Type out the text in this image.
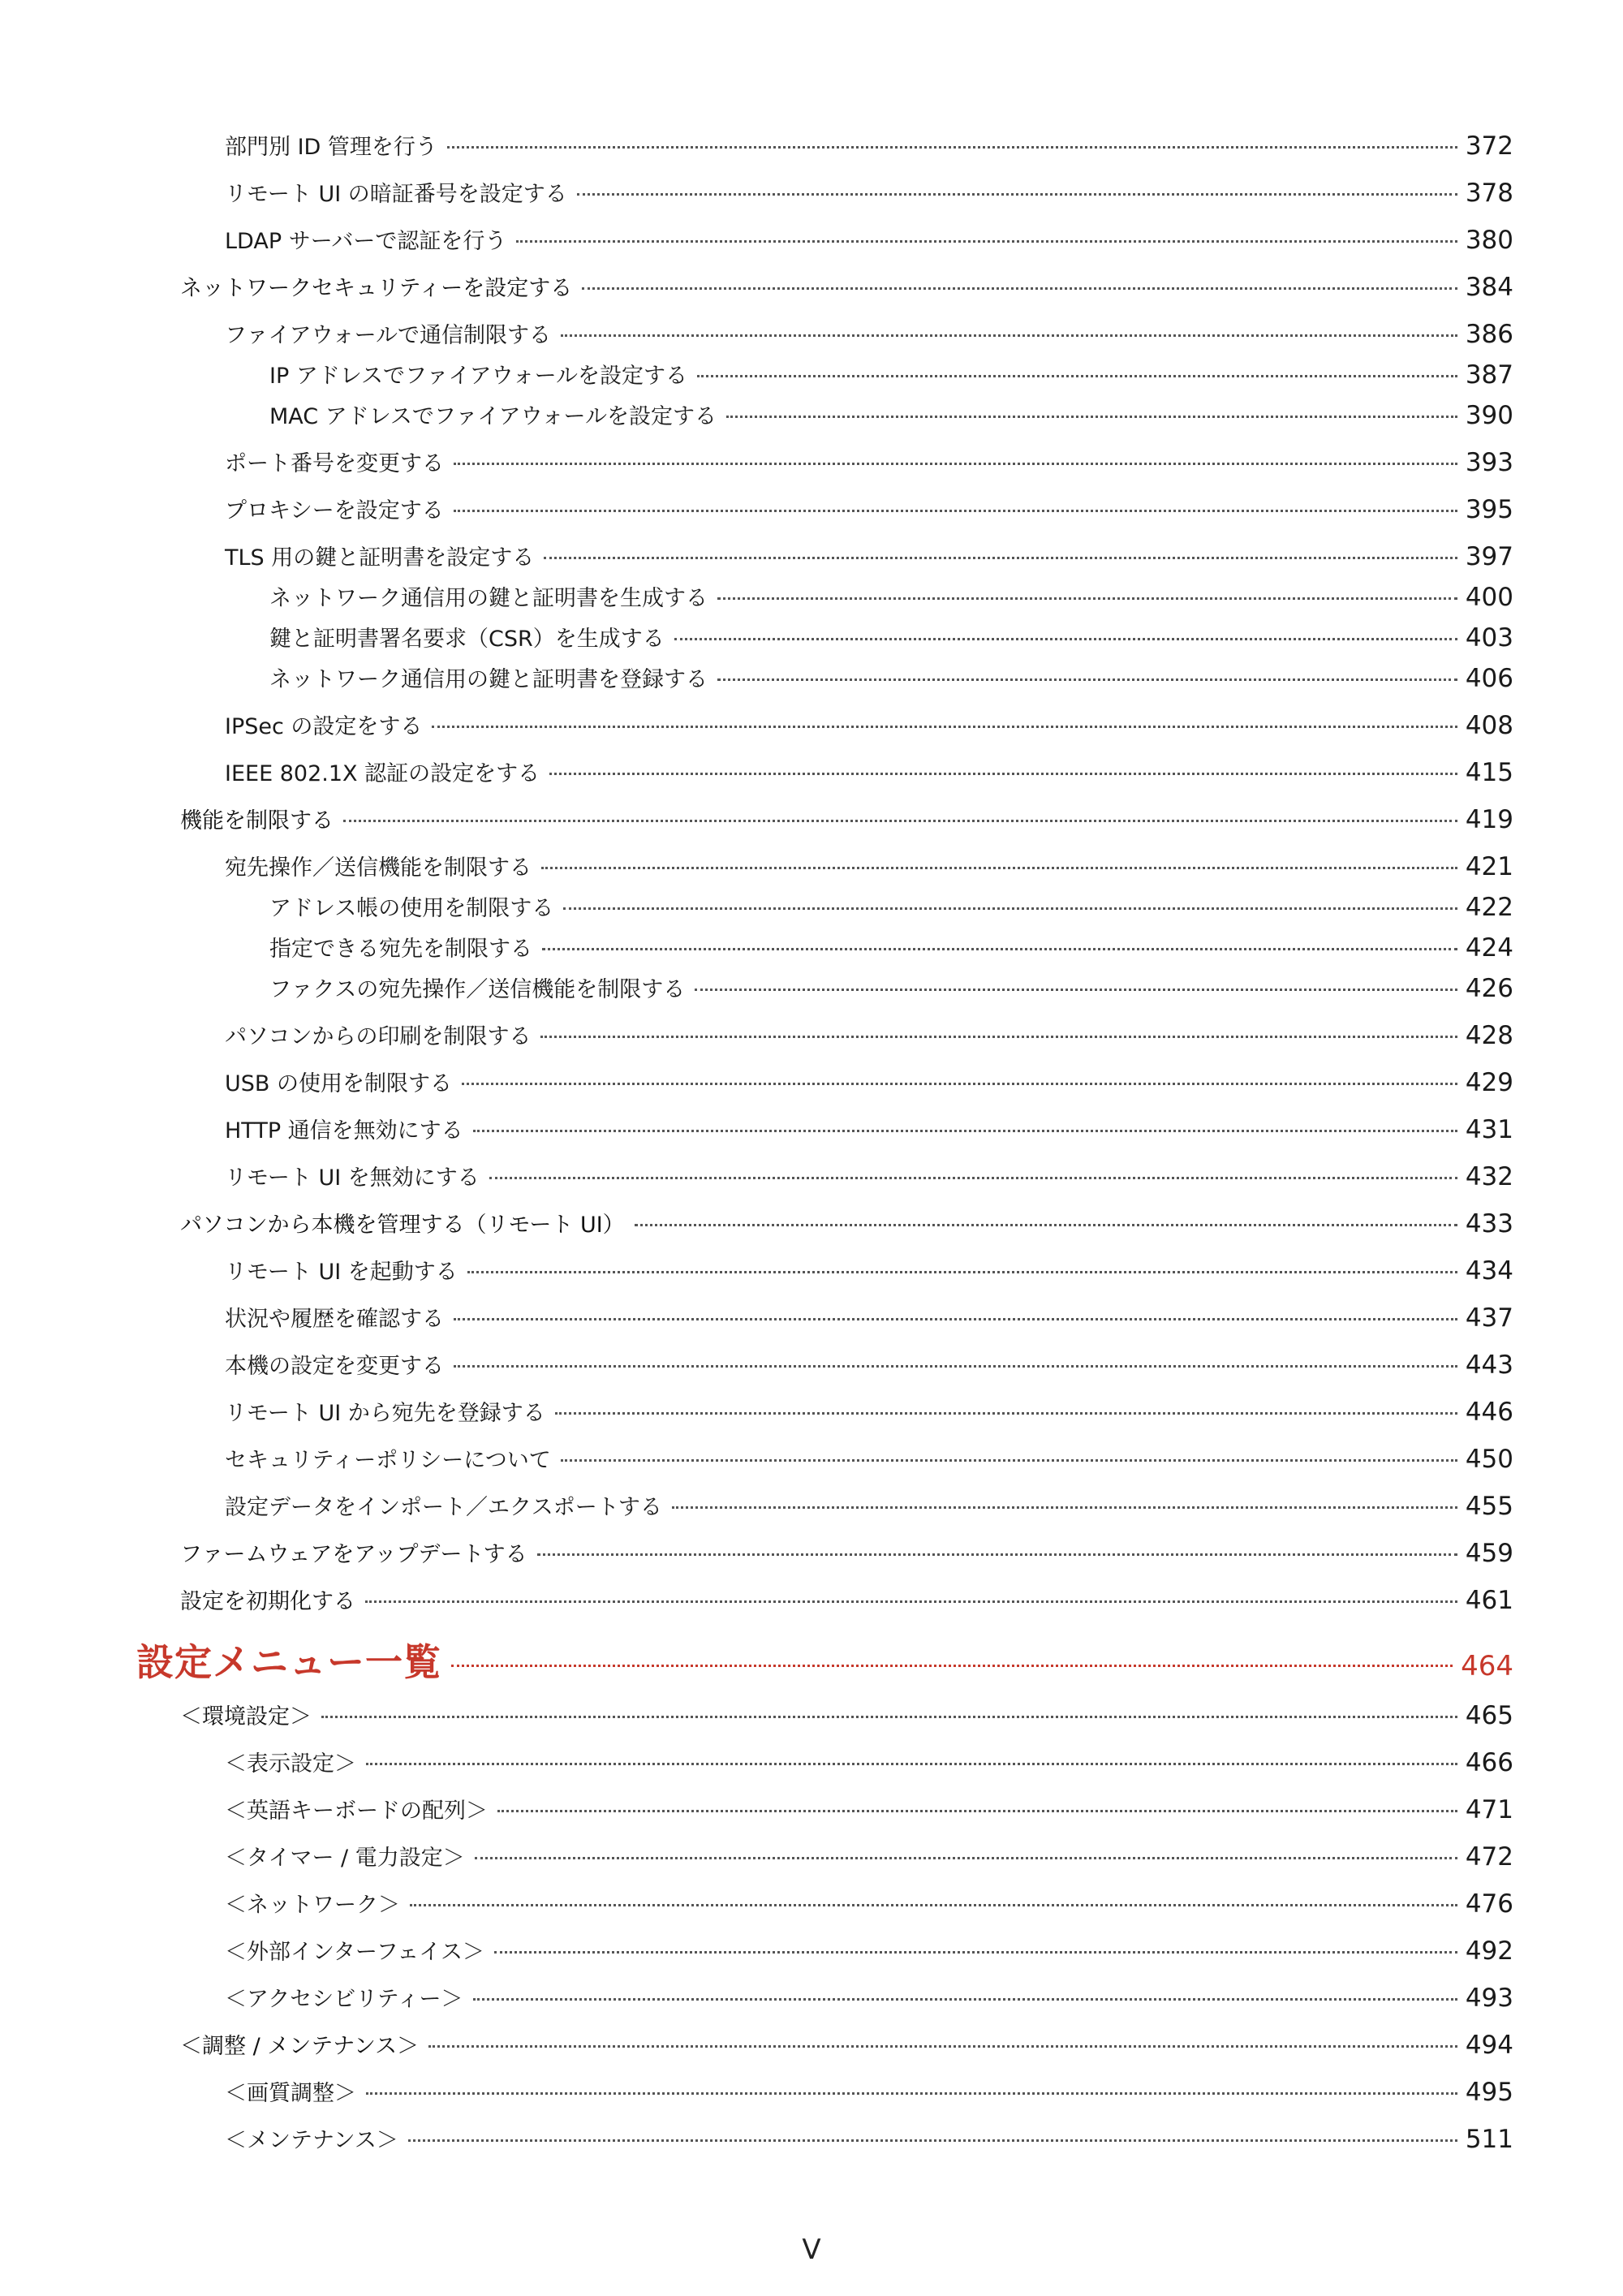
部門別 ID 管理を行う	372
リモート UI の暗証番号を設定する	378
LDAP サーバーで認証を行う	380
ネットワークセキュリティーを設定する	384
ファイアウォールで通信制限する	386
IP アドレスでファイアウォールを設定する	387
MAC アドレスでファイアウォールを設定する	390
ポート番号を変更する	393
プロキシーを設定する	395
TLS 用の鍵と証明書を設定する	397
ネットワーク通信用の鍵と証明書を生成する	400
鍵と証明書署名要求（CSR）を生成する	403
ネットワーク通信用の鍵と証明書を登録する	406
IPSec の設定をする	408
IEEE 802.1X 認証の設定をする	415
機能を制限する	419
宛先操作／送信機能を制限する	421
アドレス帳の使用を制限する	422
指定できる宛先を制限する	424
ファクスの宛先操作／送信機能を制限する	426
パソコンからの印刷を制限する	428
USB の使用を制限する	429
HTTP 通信を無効にする	431
リモート UI を無効にする	432
パソコンから本機を管理する（リモート UI）	433
リモート UI を起動する	434
状況や履歴を確認する	437
本機の設定を変更する	443
リモート UI から宛先を登録する	446
セキュリティーポリシーについて	450
設定データをインポート／エクスポートする	455
ファームウェアをアップデートする	459
設定を初期化する	461
設定メニュー一覧	464
＜環境設定＞	465
＜表示設定＞	466
＜英語キーボードの配列＞	471
＜タイマー / 電力設定＞	472
＜ネットワーク＞	476
＜外部インターフェイス＞	492
＜アクセシビリティー＞	493
＜調整 / メンテナンス＞	494
＜画質調整＞	495
＜メンテナンス＞	511
V
